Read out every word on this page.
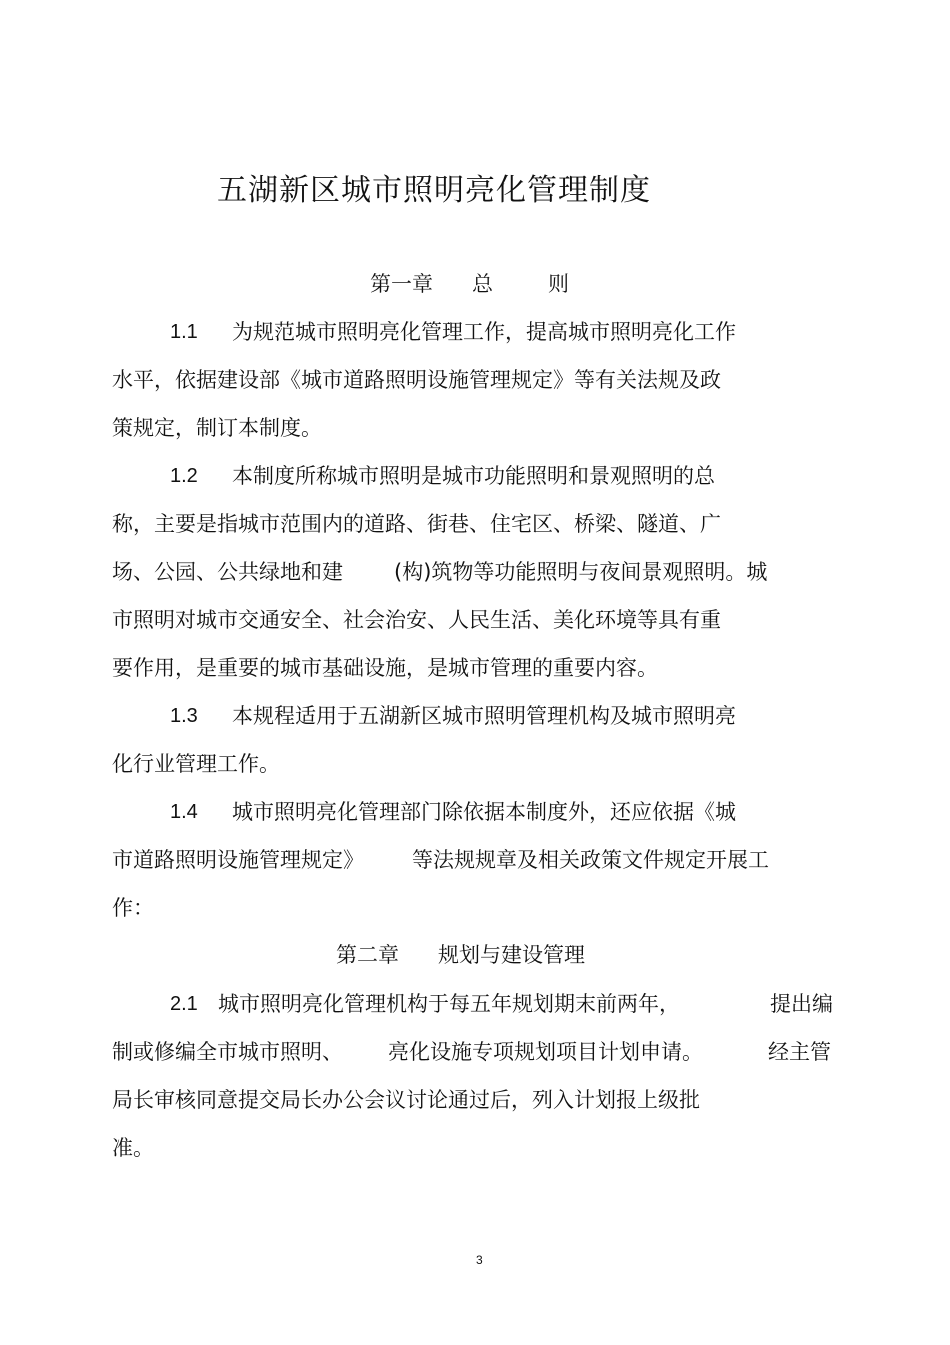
五湖新区城市照明亮化管理制度
第一章 总	则
1.1 为规范城市照明亮化管理工作，提高城市照明亮化工作
水平，依据建设部《城市道路照明设施管理规定》等有关法规及政
策规定，制订本制度。
1.2 本制度所称城市照明是城市功能照明和景观照明的总
称，主要是指城市范围内的道路、街巷、住宅区、桥梁、隧道、广
场、公园、公共绿地和建 (构)筑物等功能照明与夜间景观照明。城
市照明对城市交通安全、社会治安、人民生活、美化环境等具有重
要作用，是重要的城市基础设施，是城市管理的重要内容。
1.3 本规程适用于五湖新区城市照明管理机构及城市照明亮
化行业管理工作。
1.4 城市照明亮化管理部门除依据本制度外，还应依据《城
市道路照明设施管理规定》 等法规规章及相关政策文件规定开展工
作：
第二章 规划与建设管理
2.1 城市照明亮化管理机构于每五年规划期末前两年，	提出编
制或修编全市城市照明、 亮化设施专项规划项目计划申请。	经主管
局长审核同意提交局长办公会议讨论通过后，列入计划报上级批
准。
3
